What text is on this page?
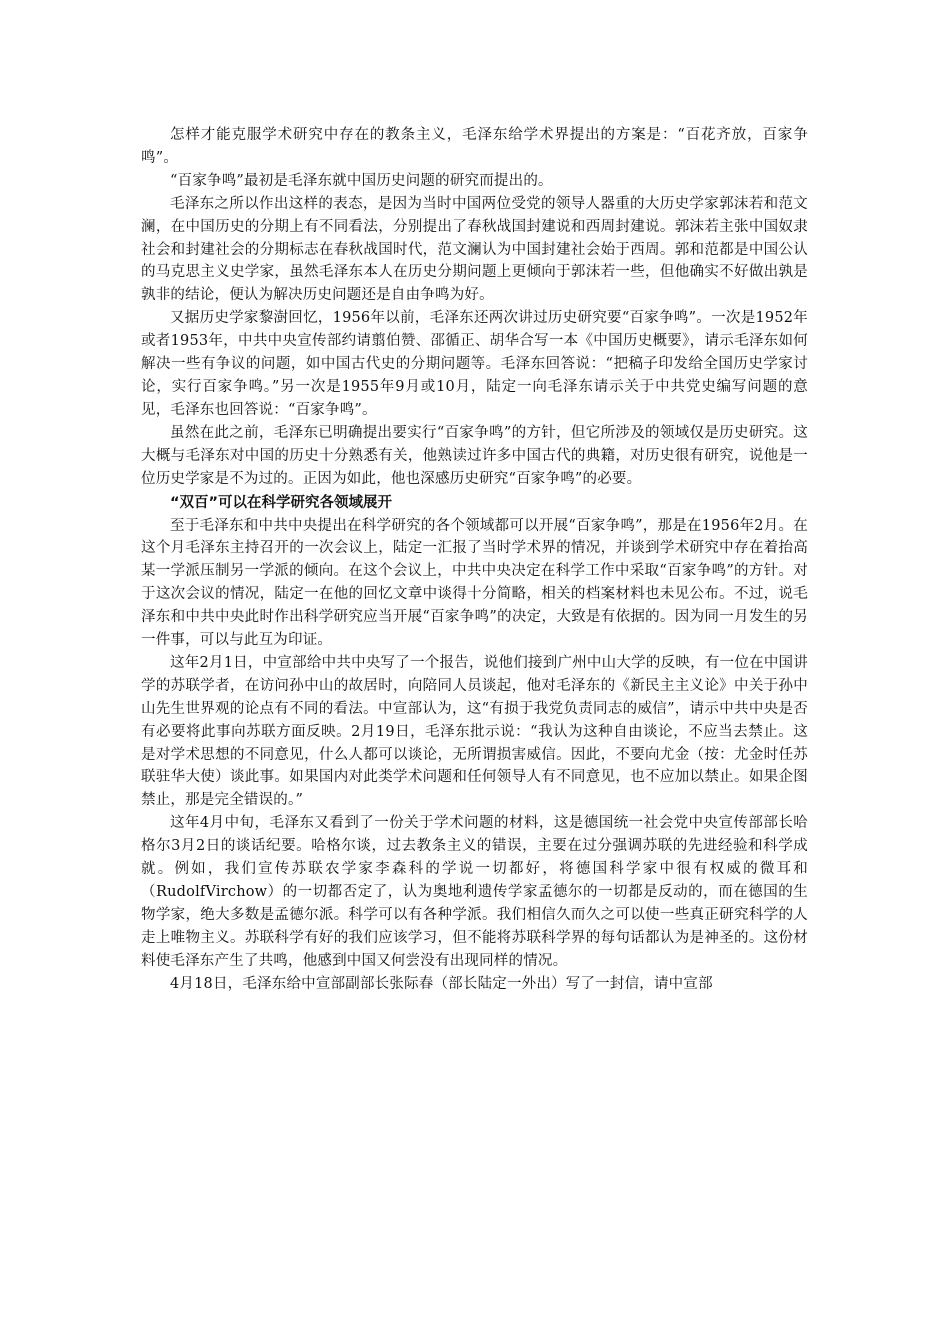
怎样才能克服学术研究中存在的教条主义，毛泽东给学术界提出的方案是：“百花齐放，百家争鸣”。

“百家争鸣”最初是毛泽东就中国历史问题的研究而提出的。

毛泽东之所以作出这样的表态，是因为当时中国两位受党的领导人器重的大历史学家郭沫若和范文澜，在中国历史的分期上有不同看法，分别提出了春秋战国封建说和西周封建说。郭沫若主张中国奴隶社会和封建社会的分期标志在春秋战国时代，范文澜认为中国封建社会始于西周。郭和范都是中国公认的马克思主义史学家，虽然毛泽东本人在历史分期问题上更倾向于郭沫若一些，但他确实不好做出孰是孰非的结论，便认为解决历史问题还是自由争鸣为好。

又据历史学家黎澍回忆，1956年以前，毛泽东还两次讲过历史研究要“百家争鸣”。一次是1952年或者1953年，中共中央宣传部约请翦伯赞、邵循正、胡华合写一本《中国历史概要》，请示毛泽东如何解决一些有争议的问题，如中国古代史的分期问题等。毛泽东回答说：“把稿子印发给全国历史学家讨论，实行百家争鸣。”另一次是1955年9月或10月，陆定一向毛泽东请示关于中共党史编写问题的意见，毛泽东也回答说：“百家争鸣”。

虽然在此之前，毛泽东已明确提出要实行“百家争鸣”的方针，但它所涉及的领域仅是历史研究。这大概与毛泽东对中国的历史十分熟悉有关，他熟读过许多中国古代的典籍，对历史很有研究，说他是一位历史学家是不为过的。正因为如此，他也深感历史研究“百家争鸣”的必要。

“双百”可以在科学研究各领域展开

至于毛泽东和中共中央提出在科学研究的各个领域都可以开展“百家争鸣”，那是在1956年2月。在这个月毛泽东主持召开的一次会议上，陆定一汇报了当时学术界的情况，并谈到学术研究中存在着抬高某一学派压制另一学派的倾向。在这个会议上，中共中央决定在科学工作中采取“百家争鸣”的方针。对于这次会议的情况，陆定一在他的回忆文章中谈得十分简略，相关的档案材料也未见公布。不过，说毛泽东和中共中央此时作出科学研究应当开展“百家争鸣”的决定，大致是有依据的。因为同一月发生的另一件事，可以与此互为印证。

这年2月1日，中宣部给中共中央写了一个报告，说他们接到广州中山大学的反映，有一位在中国讲学的苏联学者，在访问孙中山的故居时，向陪同人员谈起，他对毛泽东的《新民主主义论》中关于孙中山先生世界观的论点有不同的看法。中宣部认为，这“有损于我党负责同志的威信”，请示中共中央是否有必要将此事向苏联方面反映。2月19日，毛泽东批示说：“我认为这种自由谈论，不应当去禁止。这是对学术思想的不同意见，什么人都可以谈论，无所谓损害威信。因此，不要向尤金（按：尤金时任苏联驻华大使）谈此事。如果国内对此类学术问题和任何领导人有不同意见，也不应加以禁止。如果企图禁止，那是完全错误的。”

这年4月中旬，毛泽东又看到了一份关于学术问题的材料，这是德国统一社会党中央宣传部部长哈格尔3月2日的谈话纪要。哈格尔谈，过去教条主义的错误，主要在过分强调苏联的先进经验和科学成就。例如，我们宣传苏联农学家李森科的学说一切都好，将德国科学家中很有权威的微耳和（RudolfVirchow）的一切都否定了，认为奥地利遗传学家孟德尔的一切都是反动的，而在德国的生物学家，绝大多数是孟德尔派。科学可以有各种学派。我们相信久而久之可以使一些真正研究科学的人走上唯物主义。苏联科学有好的我们应该学习，但不能将苏联科学界的每句话都认为是神圣的。这份材料使毛泽东产生了共鸣，他感到中国又何尝没有出现同样的情况。

4月18日，毛泽东给中宣部副部长张际春（部长陆定一外出）写了一封信，请中宣部
